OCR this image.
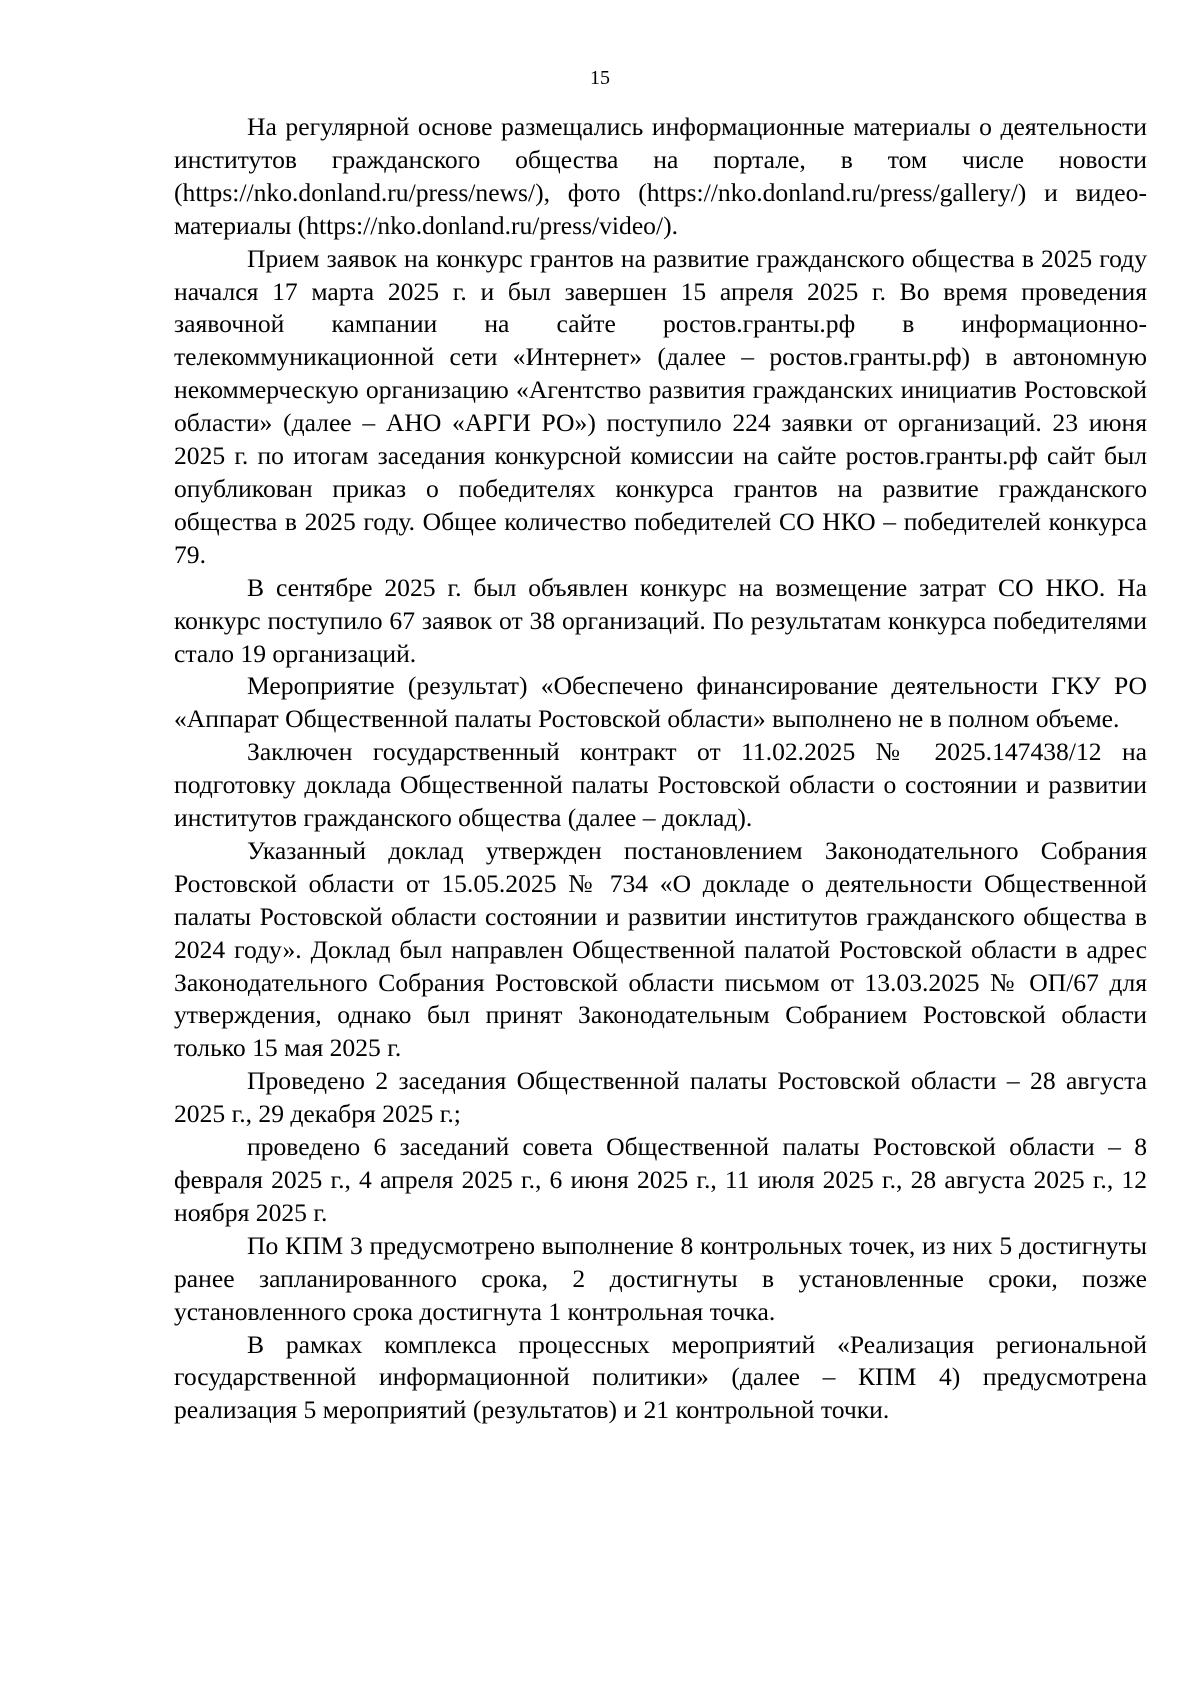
15

На регулярной основе размещались информационные материалы о деятельности институтов гражданского общества на портале, в том числе новости (https://nko.donland.ru/press/news/), фото (https://nko.donland.ru/press/gallery/) и видео-материалы (https://nko.donland.ru/press/video/).

Прием заявок на конкурс грантов на развитие гражданского общества в 2025 году начался 17 марта 2025 г. и был завершен 15 апреля 2025 г. Во время проведения заявочной кампании на сайте ростов.гранты.рф в информационно-телекоммуникационной сети «Интернет» (далее – ростов.гранты.рф) в автономную некоммерческую организацию «Агентство развития гражданских инициатив Ростовской области» (далее – АНО «АРГИ РО») поступило 224 заявки от организаций. 23 июня 2025 г. по итогам заседания конкурсной комиссии на сайте ростов.гранты.рф сайт был опубликован приказ о победителях конкурса грантов на развитие гражданского общества в 2025 году. Общее количество победителей СО НКО – победителей конкурса 79.

В сентябре 2025 г. был объявлен конкурс на возмещение затрат СО НКО. На конкурс поступило 67 заявок от 38 организаций. По результатам конкурса победителями стало 19 организаций.

Мероприятие (результат) «Обеспечено финансирование деятельности ГКУ РО «Аппарат Общественной палаты Ростовской области» выполнено не в полном объеме.

Заключен государственный контракт от 11.02.2025 № 2025.147438/12 на подготовку доклада Общественной палаты Ростовской области о состоянии и развитии институтов гражданского общества (далее – доклад).

Указанный доклад утвержден постановлением Законодательного Собрания Ростовской области от 15.05.2025 № 734 «О докладе о деятельности Общественной палаты Ростовской области состоянии и развитии институтов гражданского общества в 2024 году». Доклад был направлен Общественной палатой Ростовской области в адрес Законодательного Собрания Ростовской области письмом от 13.03.2025 № ОП/67 для утверждения, однако был принят Законодательным Собранием Ростовской области только 15 мая 2025 г.

Проведено 2 заседания Общественной палаты Ростовской области – 28 августа 2025 г., 29 декабря 2025 г.;

проведено 6 заседаний совета Общественной палаты Ростовской области – 8 февраля 2025 г., 4 апреля 2025 г., 6 июня 2025 г., 11 июля 2025 г., 28 августа 2025 г., 12 ноября 2025 г.

По КПМ 3 предусмотрено выполнение 8 контрольных точек, из них 5 достигнуты ранее запланированного срока, 2 достигнуты в установленные сроки, позже установленного срока достигнута 1 контрольная точка.

В рамках комплекса процессных мероприятий «Реализация региональной государственной информационной политики» (далее – КПМ 4) предусмотрена реализация 5 мероприятий (результатов) и 21 контрольной точки.
